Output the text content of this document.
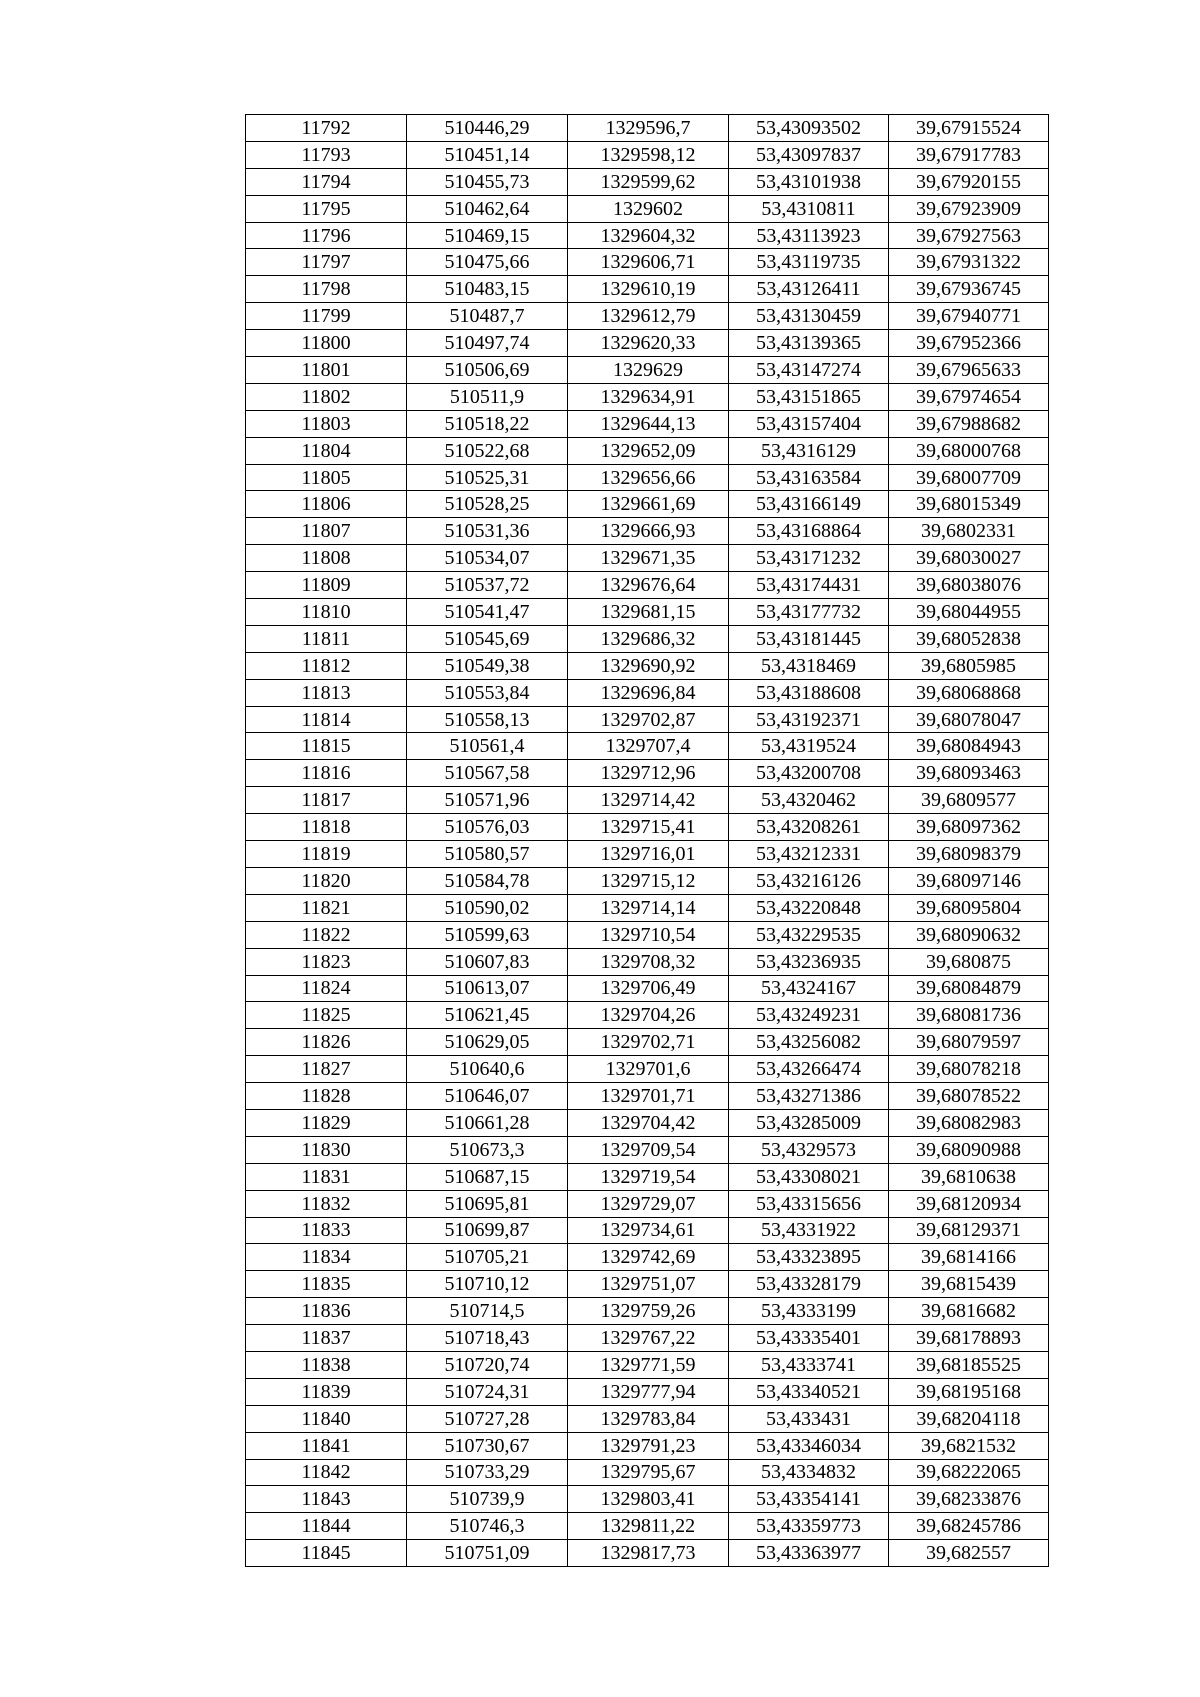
11792	510446,29	1329596,7	53,43093502	39,67915524
11793	510451,14	1329598,12	53,43097837	39,67917783
11794	510455,73	1329599,62	53,43101938	39,67920155
11795	510462,64	1329602	53,4310811	39,67923909
11796	510469,15	1329604,32	53,43113923	39,67927563
11797	510475,66	1329606,71	53,43119735	39,67931322
11798	510483,15	1329610,19	53,43126411	39,67936745
11799	510487,7	1329612,79	53,43130459	39,67940771
11800	510497,74	1329620,33	53,43139365	39,67952366
11801	510506,69	1329629	53,43147274	39,67965633
11802	510511,9	1329634,91	53,43151865	39,67974654
11803	510518,22	1329644,13	53,43157404	39,67988682
11804	510522,68	1329652,09	53,4316129	39,68000768
11805	510525,31	1329656,66	53,43163584	39,68007709
11806	510528,25	1329661,69	53,43166149	39,68015349
11807	510531,36	1329666,93	53,43168864	39,6802331
11808	510534,07	1329671,35	53,43171232	39,68030027
11809	510537,72	1329676,64	53,43174431	39,68038076
11810	510541,47	1329681,15	53,43177732	39,68044955
11811	510545,69	1329686,32	53,43181445	39,68052838
11812	510549,38	1329690,92	53,4318469	39,6805985
11813	510553,84	1329696,84	53,43188608	39,68068868
11814	510558,13	1329702,87	53,43192371	39,68078047
11815	510561,4	1329707,4	53,4319524	39,68084943
11816	510567,58	1329712,96	53,43200708	39,68093463
11817	510571,96	1329714,42	53,4320462	39,6809577
11818	510576,03	1329715,41	53,43208261	39,68097362
11819	510580,57	1329716,01	53,43212331	39,68098379
11820	510584,78	1329715,12	53,43216126	39,68097146
11821	510590,02	1329714,14	53,43220848	39,68095804
11822	510599,63	1329710,54	53,43229535	39,68090632
11823	510607,83	1329708,32	53,43236935	39,680875
11824	510613,07	1329706,49	53,4324167	39,68084879
11825	510621,45	1329704,26	53,43249231	39,68081736
11826	510629,05	1329702,71	53,43256082	39,68079597
11827	510640,6	1329701,6	53,43266474	39,68078218
11828	510646,07	1329701,71	53,43271386	39,68078522
11829	510661,28	1329704,42	53,43285009	39,68082983
11830	510673,3	1329709,54	53,4329573	39,68090988
11831	510687,15	1329719,54	53,43308021	39,6810638
11832	510695,81	1329729,07	53,43315656	39,68120934
11833	510699,87	1329734,61	53,4331922	39,68129371
11834	510705,21	1329742,69	53,43323895	39,6814166
11835	510710,12	1329751,07	53,43328179	39,6815439
11836	510714,5	1329759,26	53,4333199	39,6816682
11837	510718,43	1329767,22	53,43335401	39,68178893
11838	510720,74	1329771,59	53,4333741	39,68185525
11839	510724,31	1329777,94	53,43340521	39,68195168
11840	510727,28	1329783,84	53,433431	39,68204118
11841	510730,67	1329791,23	53,43346034	39,6821532
11842	510733,29	1329795,67	53,4334832	39,68222065
11843	510739,9	1329803,41	53,43354141	39,68233876
11844	510746,3	1329811,22	53,43359773	39,68245786
11845	510751,09	1329817,73	53,43363977	39,682557
